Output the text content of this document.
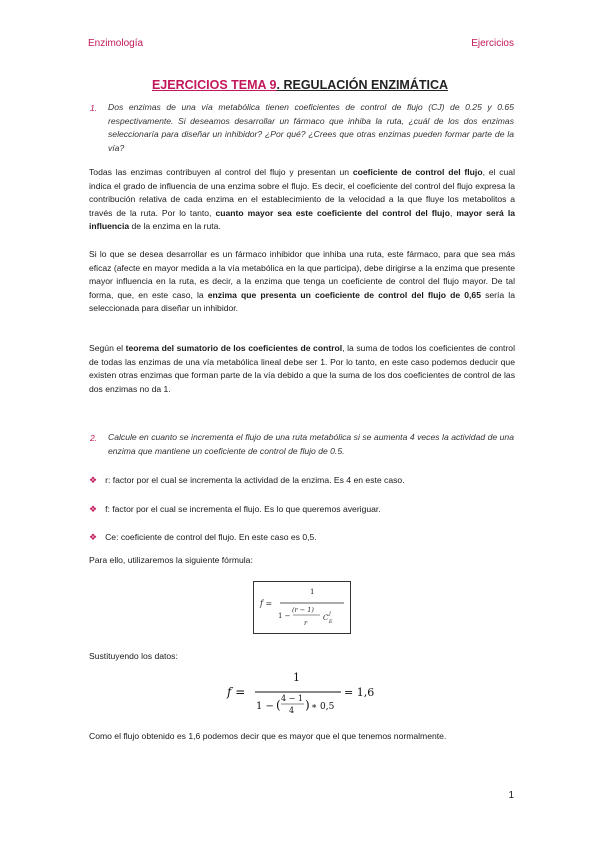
Enzimología	Ejercicios
EJERCICIOS TEMA 9. REGULACIÓN ENZIMÁTICA
1. Dos enzimas de una vía metabólica tienen coeficientes de control de flujo (CJ) de 0.25 y 0.65 respectivamente. Si deseamos desarrollar un fármaco que inhiba la ruta, ¿cuál de los dos enzimas seleccionaría para diseñar un inhibidor? ¿Por qué? ¿Crees que otras enzimas pueden formar parte de la vía?
Todas las enzimas contribuyen al control del flujo y presentan un coeficiente de control del flujo, el cual indica el grado de influencia de una enzima sobre el flujo. Es decir, el coeficiente del control del flujo expresa la contribución relativa de cada enzima en el establecimiento de la velocidad a la que fluye los metabolitos a través de la ruta. Por lo tanto, cuanto mayor sea este coeficiente del control del flujo, mayor será la influencia de la enzima en la ruta.
Si lo que se desea desarrollar es un fármaco inhibidor que inhiba una ruta, este fármaco, para que sea más eficaz (afecte en mayor medida a la vía metabólica en la que participa), debe dirigirse a la enzima que presente mayor influencia en la ruta, es decir, a la enzima que tenga un coeficiente de control del flujo mayor. De tal forma, que, en este caso, la enzima que presenta un coeficiente de control del flujo de 0,65 sería la seleccionada para diseñar un inhibidor.
Según el teorema del sumatorio de los coeficientes de control, la suma de todos los coeficientes de control de todas las enzimas de una vía metabólica lineal debe ser 1. Por lo tanto, en este caso podemos deducir que existen otras enzimas que forman parte de la vía debido a que la suma de los dos coeficientes de control de las dos enzimas no da 1.
2. Calcule en cuanto se incrementa el flujo de una ruta metabólica si se aumenta 4 veces la actividad de una enzima que mantiene un coeficiente de control de flujo de 0.5.
❖ r: factor por el cual se incrementa la actividad de la enzima. Es 4 en este caso.
❖ f: factor por el cual se incrementa el flujo. Es lo que queremos averiguar.
❖ Ce: coeficiente de control del flujo. En este caso es 0,5.
Para ello, utilizaremos la siguiente fórmula:
f =
1
1 −
(r − 1)
r
C J
E
Sustituyendo los datos:
f =
1
1 − ( 4 − 1
4 ) ∗ 0,5
= 1,6
Como el flujo obtenido es 1,6 podemos decir que es mayor que el que tenemos normalmente.
1
